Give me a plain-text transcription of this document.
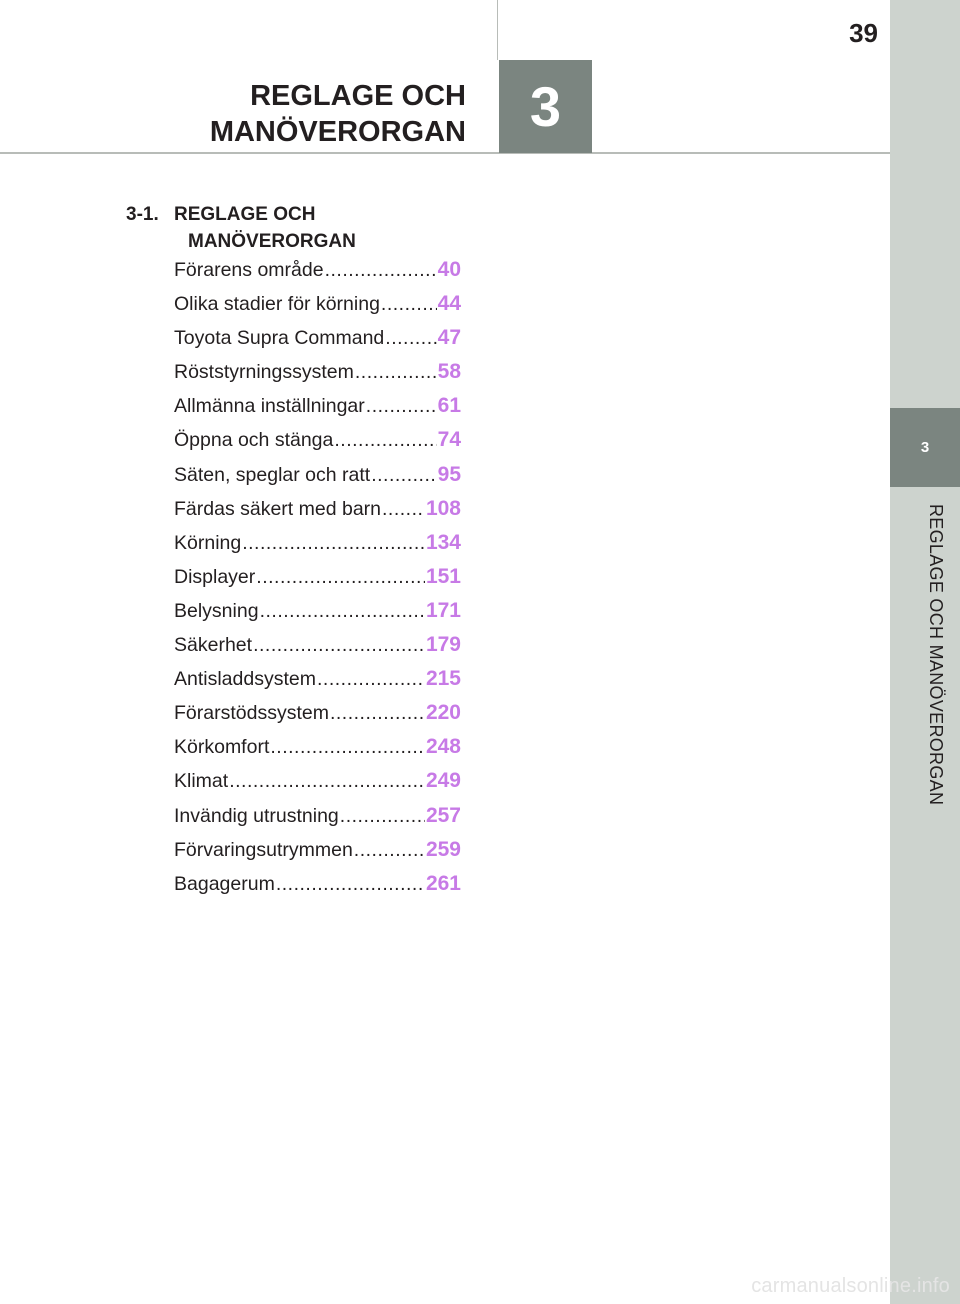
3
REGLAGE OCH MANÖVERORGAN
39
REGLAGE OCH
MANÖVERORGAN	3
3-1. REGLAGE OCH
MANÖVERORGAN
Förarens område .....	40
Olika stadier för körning .....	44
Toyota Supra Command .....	47
Röststyrningssystem .....	58
Allmänna inställningar .....	61
Öppna och stänga .....	74
Säten, speglar och ratt .....	95
Färdas säkert med barn ..... 108
Körning .....	134
Displayer .....	151
Belysning .....	171
Säkerhet .....	179
Antisladdsystem .....	215
Förarstödssystem .....	220
Körkomfort .....	248
Klimat .....	249
Invändig utrustning .....	257
Förvaringsutrymmen .....	259
Bagagerum .....	261
carmanualsonline.info
